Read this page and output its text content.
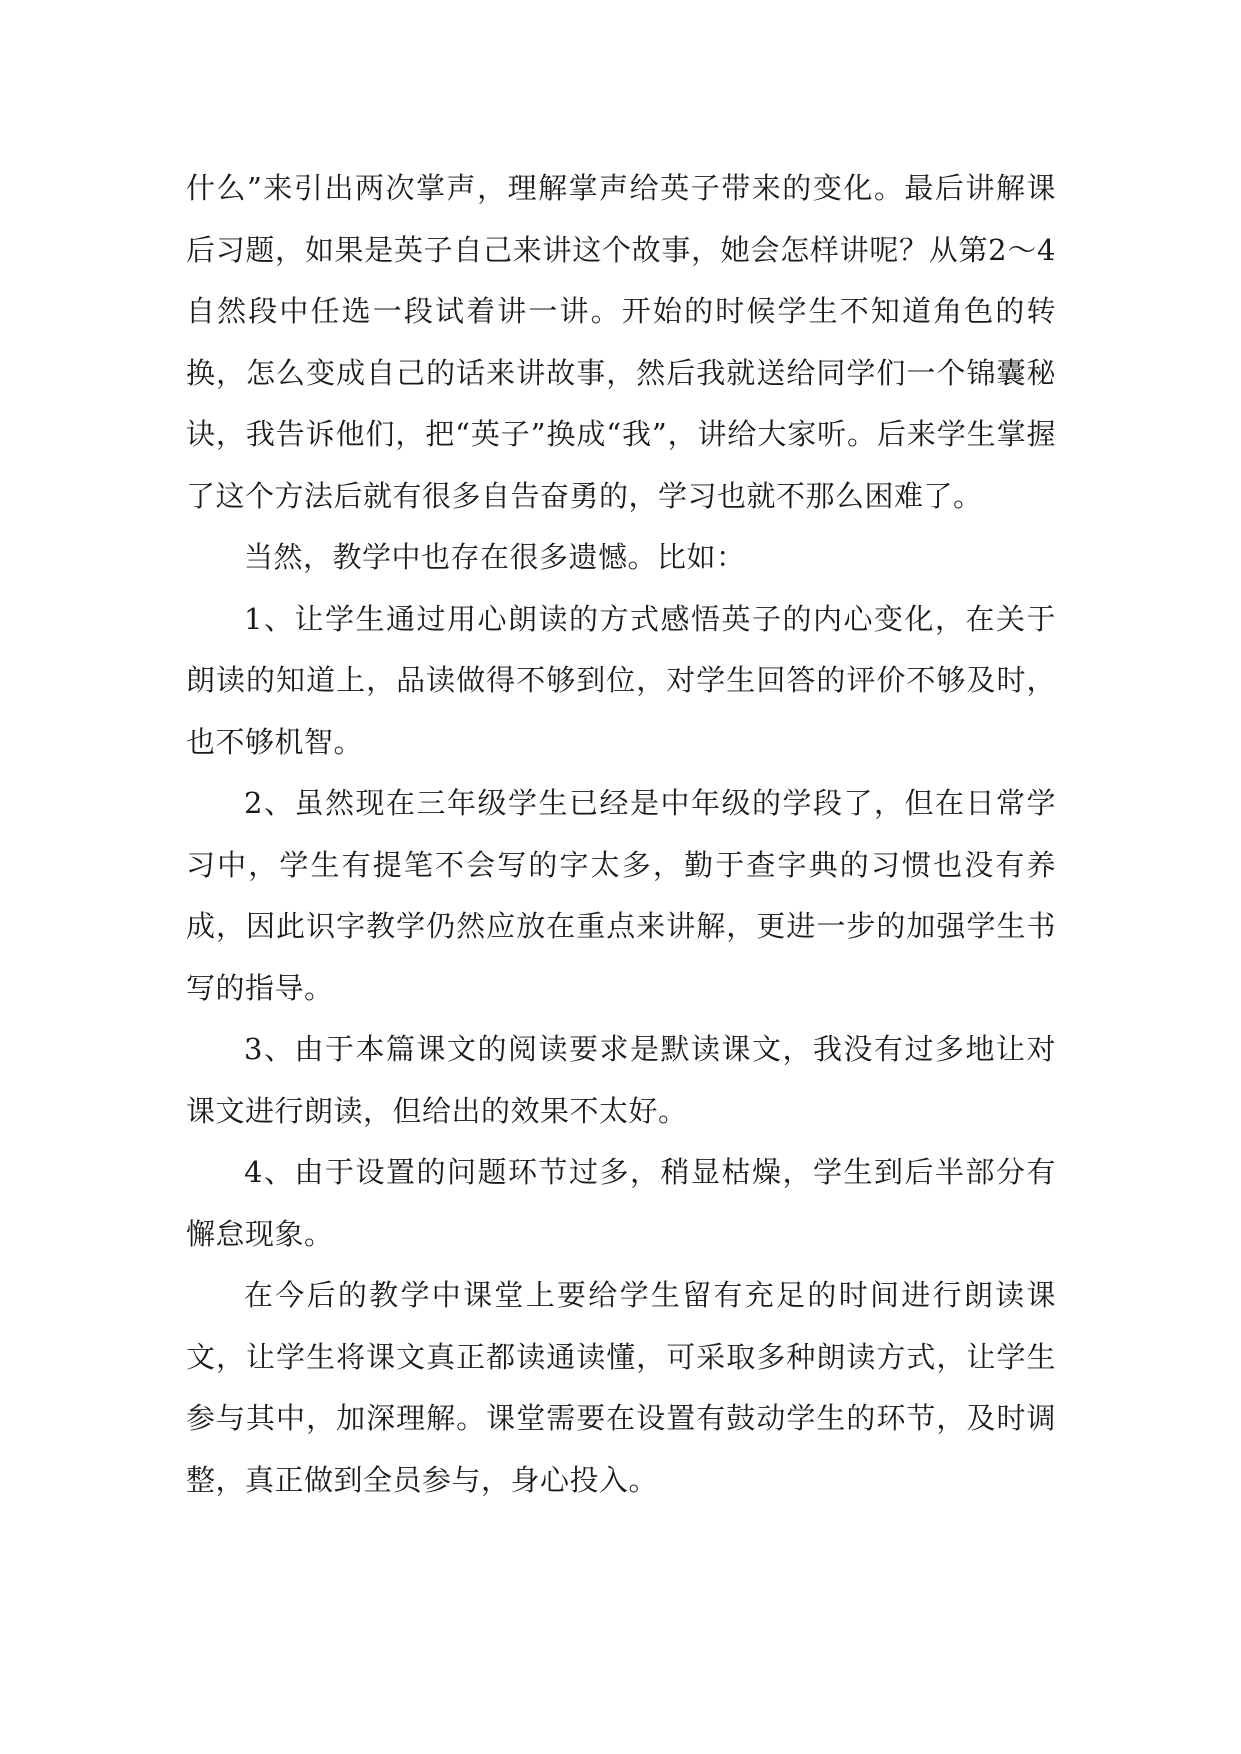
什么”来引出两次掌声，理解掌声给英子带来的变化。最后讲解课后习题，如果是英子自己来讲这个故事，她会怎样讲呢？从第2～4自然段中任选一段试着讲一讲。开始的时候学生不知道角色的转换，怎么变成自己的话来讲故事，然后我就送给同学们一个锦囊秘诀，我告诉他们，把“英子”换成“我”，讲给大家听。后来学生掌握了这个方法后就有很多自告奋勇的，学习也就不那么困难了。

当然，教学中也存在很多遗憾。比如：

1、让学生通过用心朗读的方式感悟英子的内心变化，在关于朗读的知道上，品读做得不够到位，对学生回答的评价不够及时，也不够机智。

2、虽然现在三年级学生已经是中年级的学段了，但在日常学习中，学生有提笔不会写的字太多，勤于查字典的习惯也没有养成，因此识字教学仍然应放在重点来讲解，更进一步的加强学生书写的指导。

3、由于本篇课文的阅读要求是默读课文，我没有过多地让对课文进行朗读，但给出的效果不太好。

4、由于设置的问题环节过多，稍显枯燥，学生到后半部分有懈怠现象。

在今后的教学中课堂上要给学生留有充足的时间进行朗读课文，让学生将课文真正都读通读懂，可采取多种朗读方式，让学生参与其中，加深理解。课堂需要在设置有鼓动学生的环节，及时调整，真正做到全员参与，身心投入。
